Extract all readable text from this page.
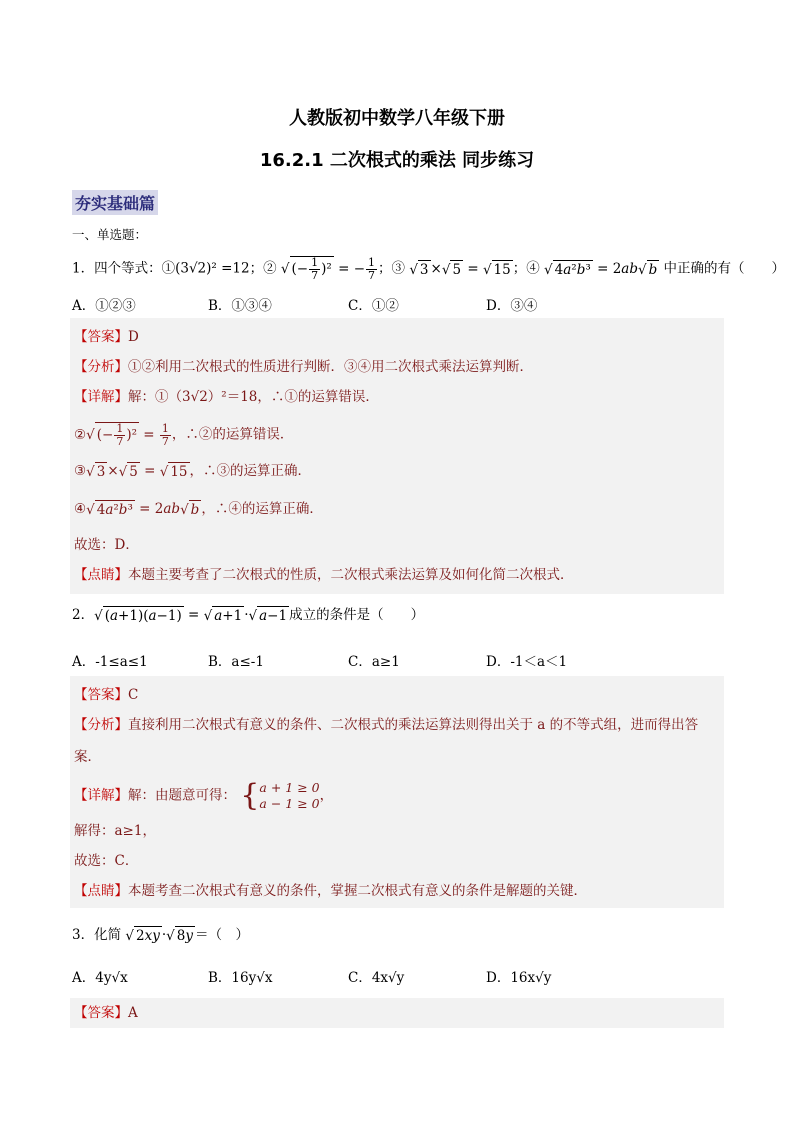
人教版初中数学八年级下册
16.2.1 二次根式的乘法 同步练习
夯实基础篇
一、单选题：
1．四个等式：①(3√2)² =12；② √ (− $\frac{1}{7} )^2$ = − $\frac{1}{7}$ ；③ √ 3 ×√ 5 = √ 15 ；④ √ 4a²b³ = 2ab√ b 中正确的有（　　）
A．①②③	B．①③④	C．①②	D．③④
【答案】D
【分析】①②利用二次根式的性质进行判断．③④用二次根式乘法运算判断．
【详解】解：①（3√2）²＝18，∴①的运算错误．
②√ (− $\frac{1}{7} )^2 = \frac{1}{7}$ ，∴②的运算错误．
③√ 3 ×√ 5 = √ 15 ，∴③的运算正确．
④√ 4a²b³ = 2ab√ b ，∴④的运算正确．
故选：D．
【点睛】本题主要考查了二次根式的性质，二次根式乘法运算及如何化简二次根式．
2．√ (a+1)(a−1) = √ a+1 ·√ a−1 成立的条件是（　　）
A．-1≤a≤1	B．a≤-1	C．a≥1	D．-1＜a＜1
【答案】C
【分析】直接利用二次根式有意义的条件、二次根式的乘法运算法则得出关于 a 的不等式组，进而得出答
案．
【详解】解：由题意可得： { a + 1 ≥ 0
a − 1 ≥ 0 ，
解得：a≥1，
故选：C．
【点睛】本题考查二次根式有意义的条件，掌握二次根式有意义的条件是解题的关键．
3．化简 √ 2xy ·√ 8y ＝（　）
A．4y√x	B．16y√x	C．4x√y	D．16x√y
【答案】A
